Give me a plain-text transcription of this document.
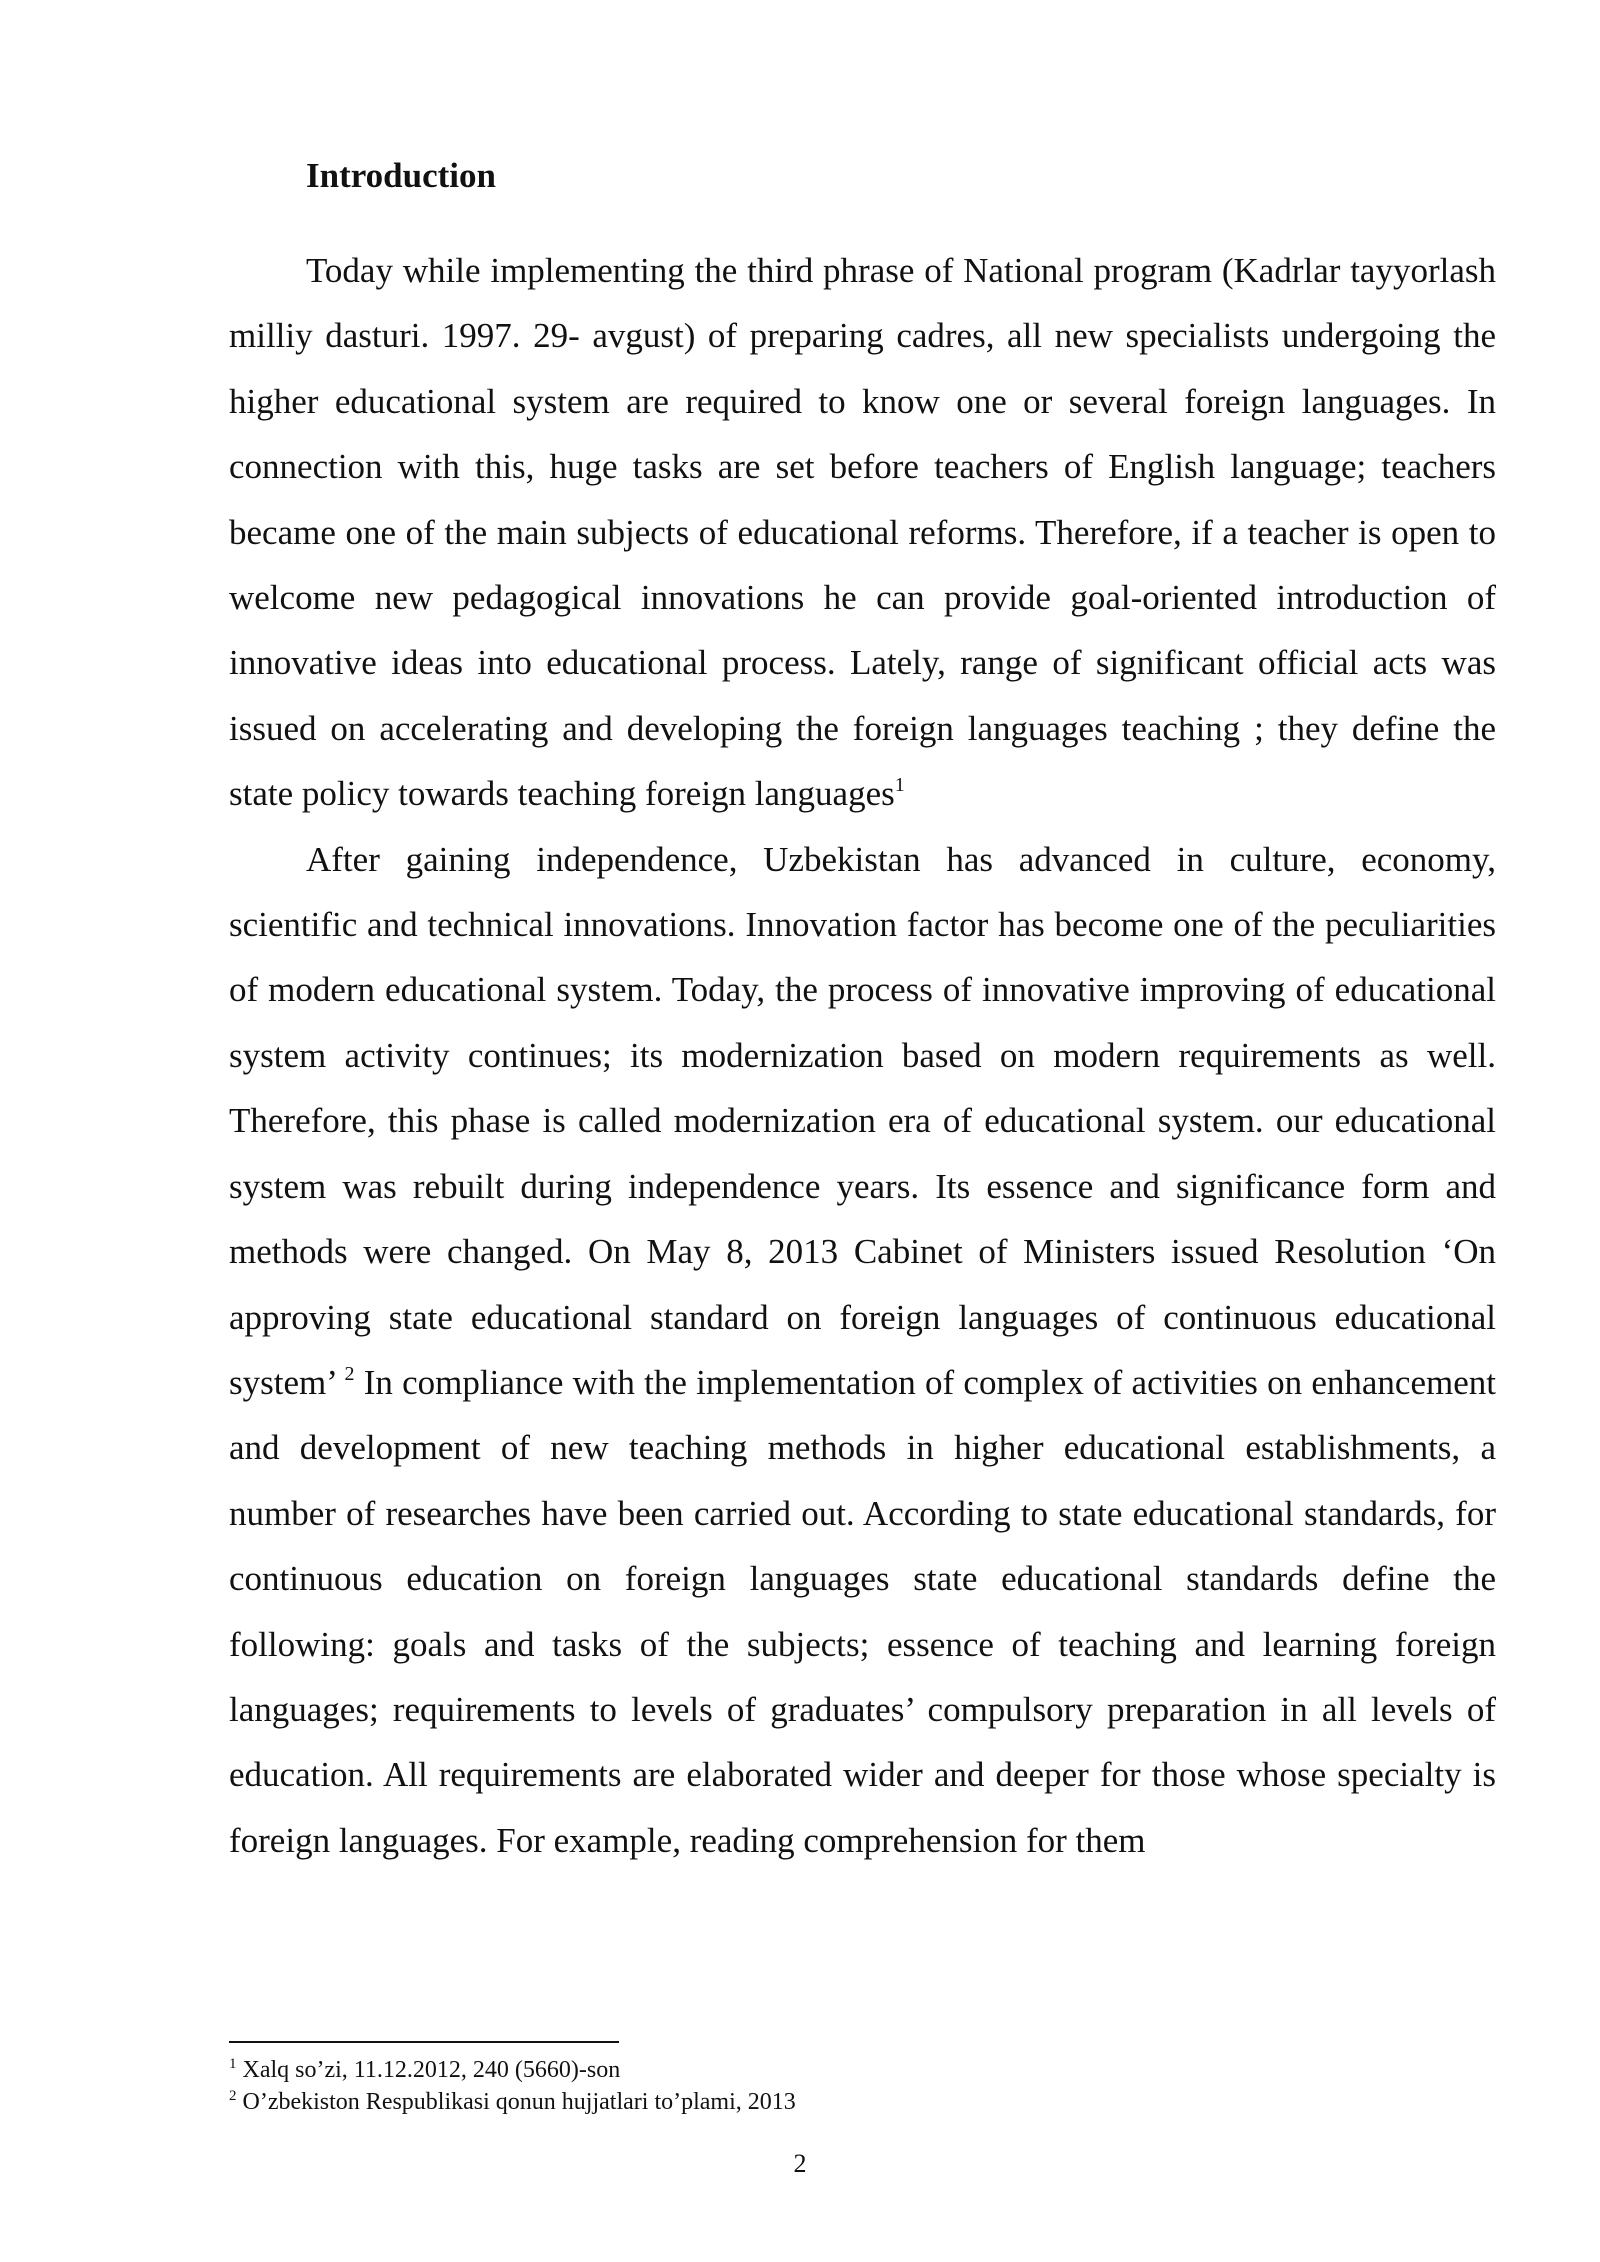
Introduction

Today while implementing the third phrase of National program (Kadrlar tayyorlash milliy dasturi. 1997. 29- avgust) of preparing cadres, all new specialists undergoing the higher educational system are required to know one or several foreign languages. In connection with this, huge tasks are set before teachers of English language; teachers became one of the main subjects of educational reforms. Therefore, if a teacher is open to welcome new pedagogical innovations he can provide goal-oriented introduction of innovative ideas into educational process. Lately, range of significant official acts was issued on accelerating and developing the foreign languages teaching ; they define the state policy towards teaching foreign languages$^1$

After gaining independence, Uzbekistan has advanced in culture, economy, scientific and technical innovations. Innovation factor has become one of the peculiarities of modern educational system. Today, the process of innovative improving of educational system activity continues; its modernization based on modern requirements as well. Therefore, this phase is called modernization era of educational system. our educational system was rebuilt during independence years. Its essence and significance form and methods were changed. On May 8, 2013 Cabinet of Ministers issued Resolution ‘On approving state educational standard on foreign languages of continuous educational system’ $^2$ In compliance with the implementation of complex of activities on enhancement and development of new teaching methods in higher educational establishments, a number of researches have been carried out. According to state educational standards, for continuous education on foreign languages state educational standards define the following: goals and tasks of the subjects; essence of teaching and learning foreign languages; requirements to levels of graduates’ compulsory preparation in all levels of education. All requirements are elaborated wider and deeper for those whose specialty is foreign languages. For example, reading comprehension for them

$^1$ Xalq so’zi, 11.12.2012, 240 (5660)-son
$^2$ O’zbekiston Respublikasi qonun hujjatlari to’plami, 2013
2
